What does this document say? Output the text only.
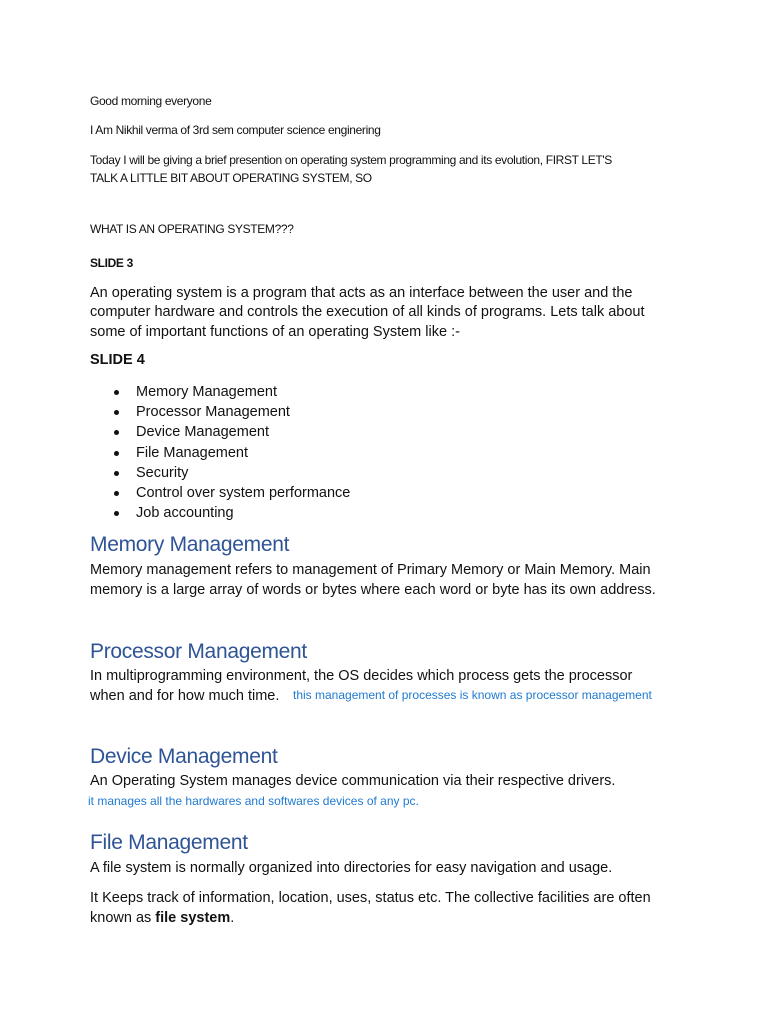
Good morning everyone

I Am Nikhil verma of 3rd sem computer science enginering

Today I will be giving a brief presention on operating system programming and its evolution, FIRST LET'S

TALK A LITTLE BIT ABOUT OPERATING SYSTEM, SO

WHAT IS AN OPERATING SYSTEM???

SLIDE 3

An operating system is a program that acts as an interface between the user and the

computer hardware and controls the execution of all kinds of programs. Lets talk about

some of important functions of an operating System like :-

SLIDE 4

Memory Management
Processor Management
Device Management
File Management
Security
Control over system performance
Job accounting

Memory Management

Memory management refers to management of Primary Memory or Main Memory. Main

memory is a large array of words or bytes where each word or byte has its own address.

Processor Management

In multiprogramming environment, the OS decides which process gets the processor

when and for how much time. this management of processes is known as processor management

Device Management

An Operating System manages device communication via their respective drivers.

it manages all the hardwares and softwares devices of any pc.

File Management

A file system is normally organized into directories for easy navigation and usage.

It Keeps track of information, location, uses, status etc. The collective facilities are often

known as file system.
